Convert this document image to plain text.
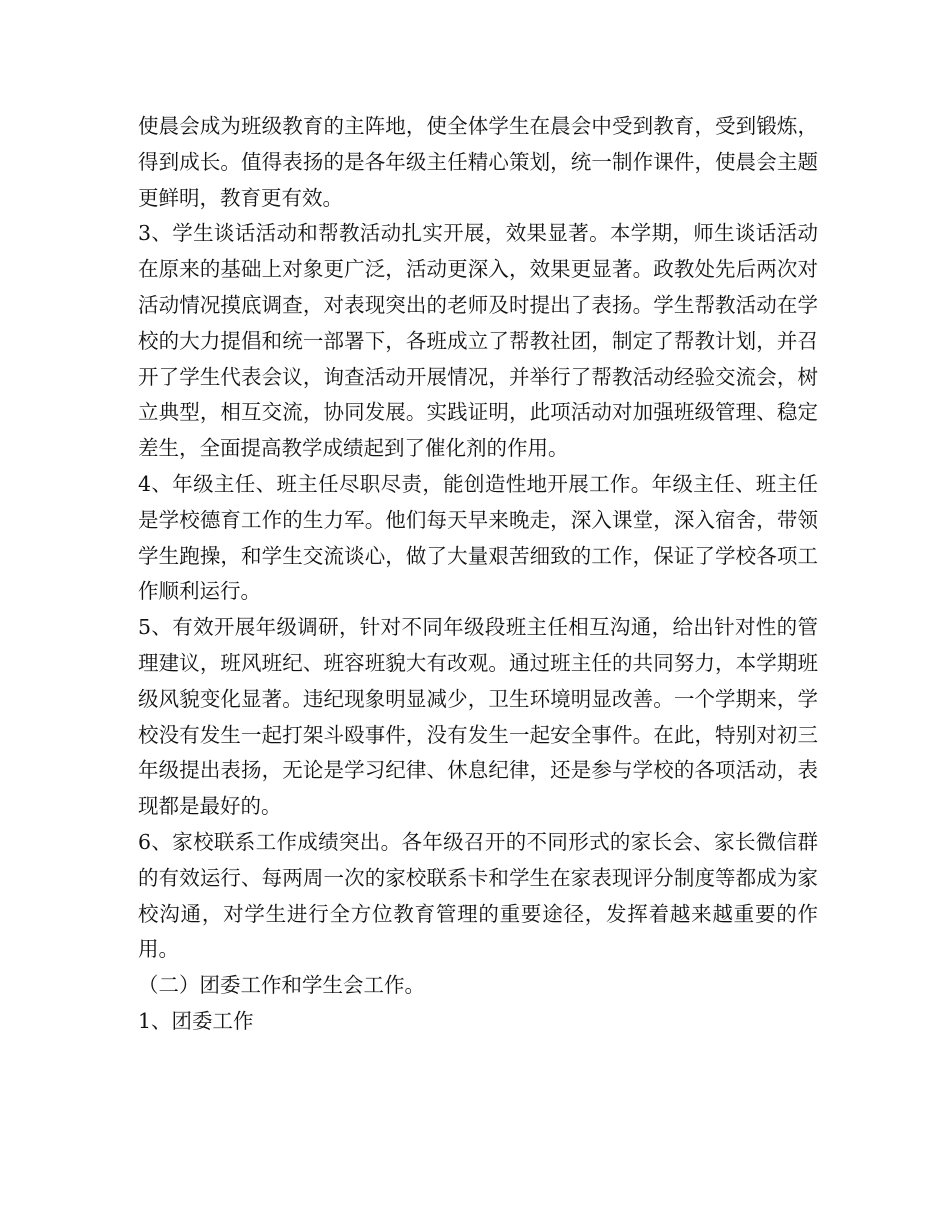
使晨会成为班级教育的主阵地，使全体学生在晨会中受到教育，受到锻炼，得到成长。值得表扬的是各年级主任精心策划，统一制作课件，使晨会主题更鲜明，教育更有效。

3、学生谈话活动和帮教活动扎实开展，效果显著。本学期，师生谈话活动在原来的基础上对象更广泛，活动更深入，效果更显著。政教处先后两次对活动情况摸底调查，对表现突出的老师及时提出了表扬。学生帮教活动在学校的大力提倡和统一部署下，各班成立了帮教社团，制定了帮教计划，并召开了学生代表会议，询查活动开展情况，并举行了帮教活动经验交流会，树立典型，相互交流，协同发展。实践证明，此项活动对加强班级管理、稳定差生，全面提高教学成绩起到了催化剂的作用。

4、年级主任、班主任尽职尽责，能创造性地开展工作。年级主任、班主任是学校德育工作的生力军。他们每天早来晚走，深入课堂，深入宿舍，带领学生跑操，和学生交流谈心，做了大量艰苦细致的工作，保证了学校各项工作顺利运行。

5、有效开展年级调研，针对不同年级段班主任相互沟通，给出针对性的管理建议，班风班纪、班容班貌大有改观。通过班主任的共同努力，本学期班级风貌变化显著。违纪现象明显减少，卫生环境明显改善。一个学期来，学校没有发生一起打架斗殴事件，没有发生一起安全事件。在此，特别对初三年级提出表扬，无论是学习纪律、休息纪律，还是参与学校的各项活动，表现都是最好的。

6、家校联系工作成绩突出。各年级召开的不同形式的家长会、家长微信群的有效运行、每两周一次的家校联系卡和学生在家表现评分制度等都成为家校沟通，对学生进行全方位教育管理的重要途径，发挥着越来越重要的作用。

（二）团委工作和学生会工作。

1、团委工作
